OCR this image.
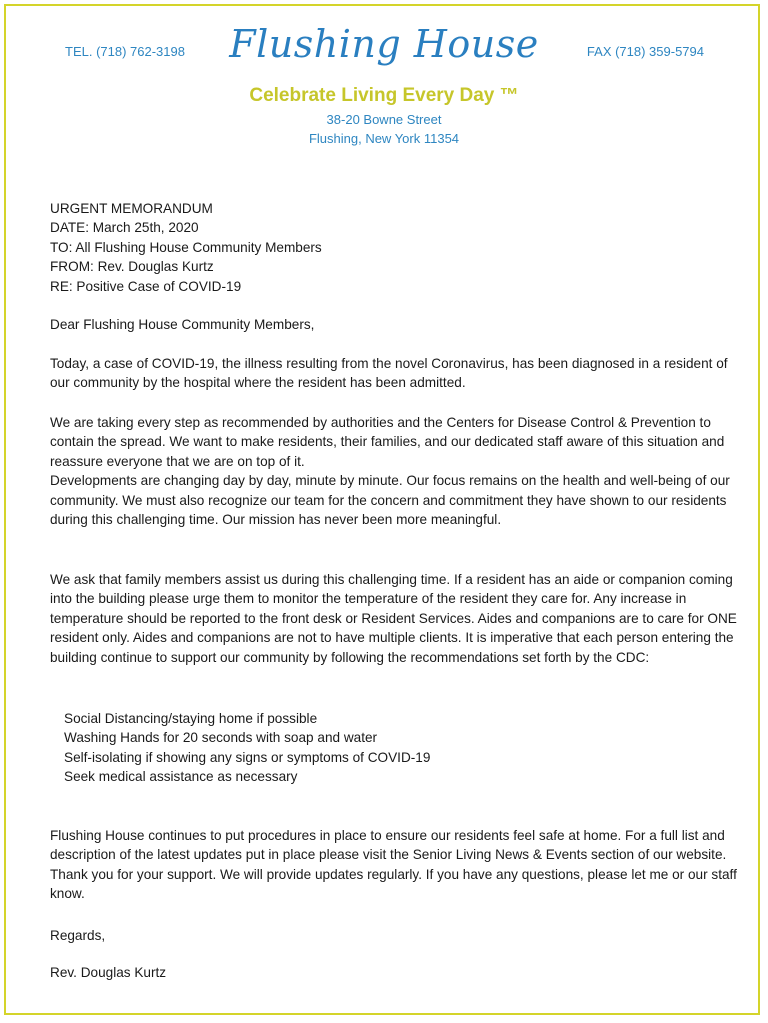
TEL. (718) 762-3198	Flushing House	FAX (718) 359-5794
Celebrate Living Every Day ™
38-20 Bowne Street
Flushing, New York 11354

URGENT MEMORANDUM

DATE: March 25th, 2020

TO: All Flushing House Community Members

FROM: Rev. Douglas Kurtz

RE: Positive Case of COVID-19

Dear Flushing House Community Members,
Today, a case of COVID-19, the illness resulting from the novel Coronavirus, has been diagnosed in a resident of our community by the hospital where the resident has been admitted.

We are taking every step as recommended by authorities and the Centers for Disease Control & Prevention to contain the spread. We want to make residents, their families, and our dedicated staff aware of this situation and reassure everyone that we are on top of it.

Developments are changing day by day, minute by minute. Our focus remains on the health and well-being of our community. We must also recognize our team for the concern and commitment they have shown to our residents during this challenging time. Our mission has never been more meaningful.

We ask that family members assist us during this challenging time. If a resident has an aide or companion coming into the building please urge them to monitor the temperature of the resident they care for. Any increase in temperature should be reported to the front desk or Resident Services. Aides and companions are to care for ONE resident only. Aides and companions are not to have multiple clients. It is imperative that each person entering the building continue to support our community by following the recommendations set forth by the CDC:

Social Distancing/staying home if possible

Washing Hands for 20 seconds with soap and water

Self-isolating if showing any signs or symptoms of COVID-19

Seek medical assistance as necessary

Flushing House continues to put procedures in place to ensure our residents feel safe at home. For a full list and description of the latest updates put in place please visit the Senior Living News & Events section of our website. Thank you for your support. We will provide updates regularly. If you have any questions, please let me or our staff know.
Regards,
Rev. Douglas Kurtz
